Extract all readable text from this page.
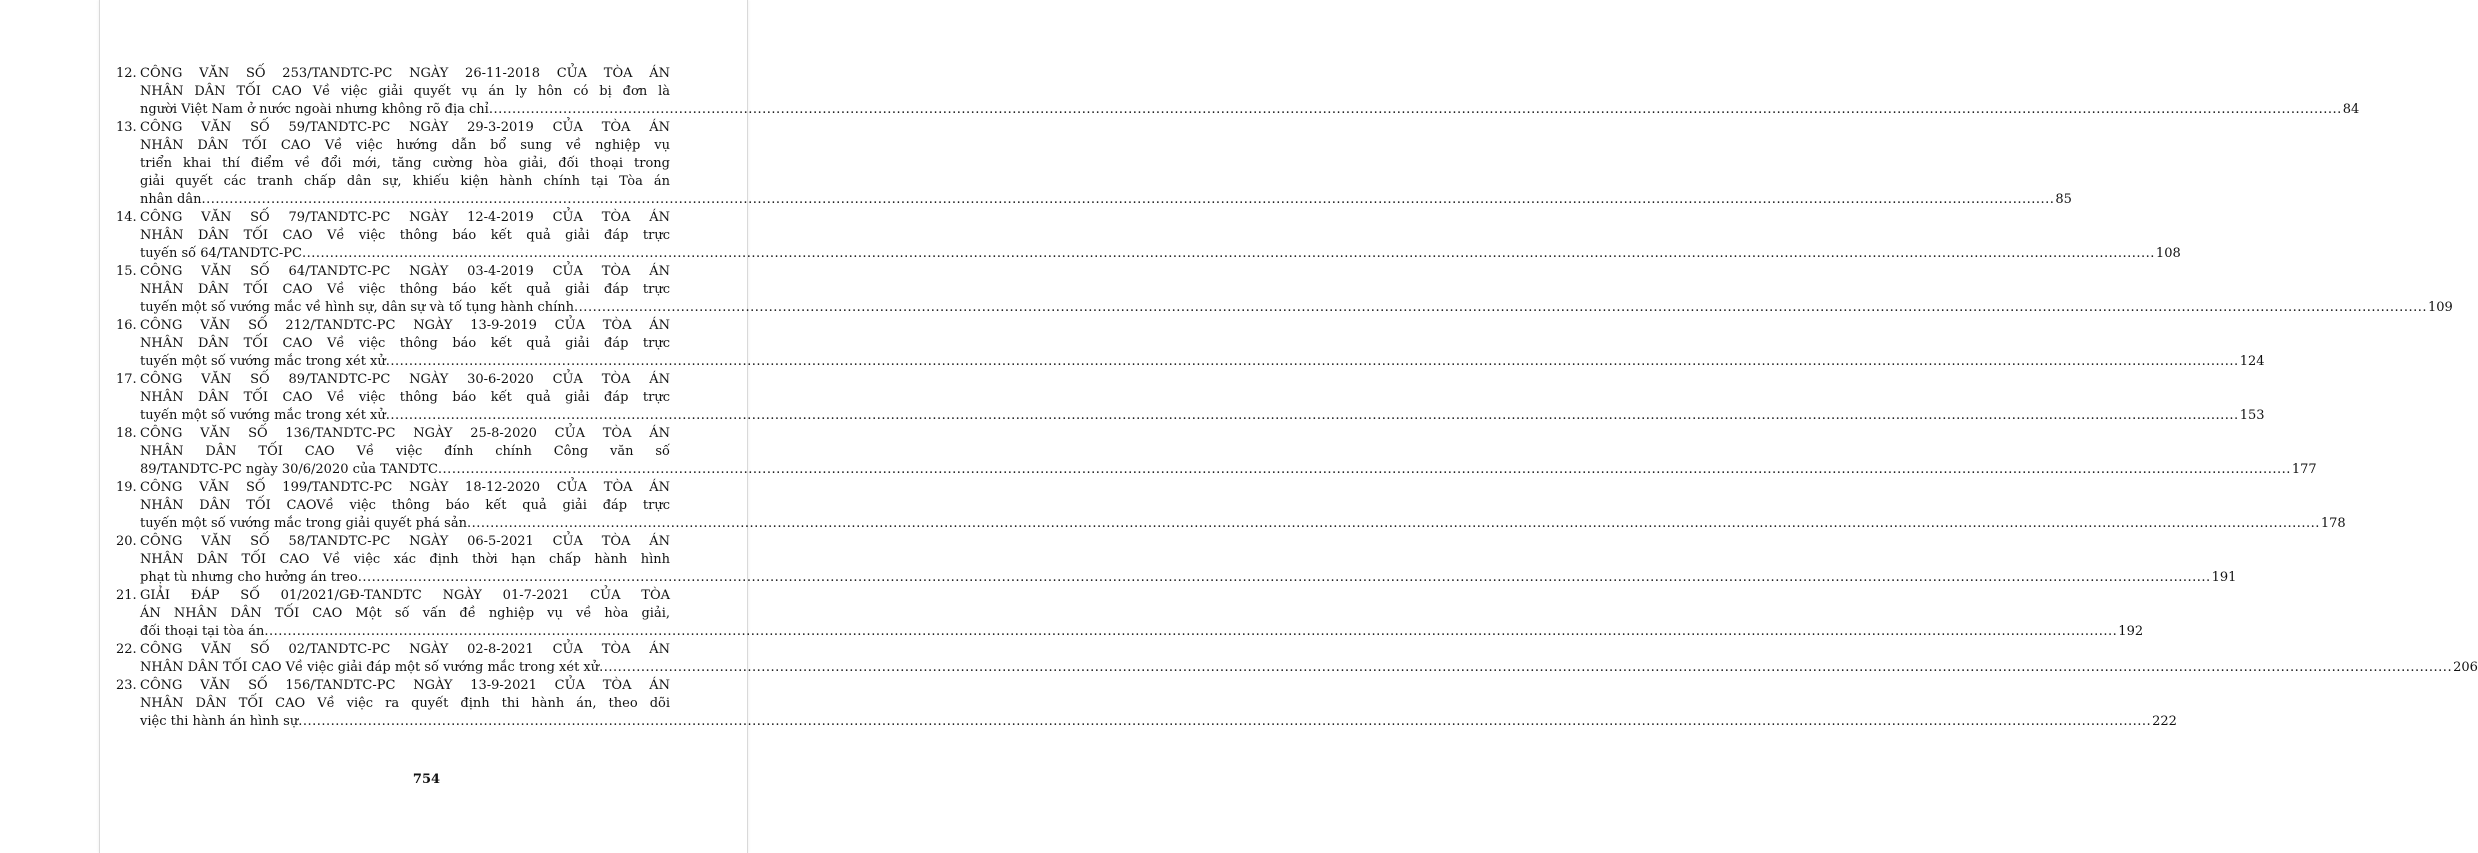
12. CÔNG VĂN SỐ 253/TANDTC-PC NGÀY 26-11-2018 CỦA TÒA ÁN
NHÂN DÂN TỐI CAO Về việc giải quyết vụ án ly hôn có bị đơn là
người Việt Nam ở nước ngoài nhưng không rõ địa chỉ ................................................................................................................................................................................................................................................................................................................................................................................................................ 84
13. CÔNG VĂN SỐ 59/TANDTC-PC NGÀY 29-3-2019 CỦA TÒA ÁN
NHÂN DÂN TỐI CAO Về việc hướng dẫn bổ sung về nghiệp vụ
triển khai thí điểm về đổi mới, tăng cường hòa giải, đối thoại trong
giải quyết các tranh chấp dân sự, khiếu kiện hành chính tại Tòa án
nhân dân ................................................................................................................................................................................................................................................................................................................................................................................................................ 85
14. CÔNG VĂN SỐ 79/TANDTC-PC NGÀY 12-4-2019 CỦA TÒA ÁN
NHÂN DÂN TỐI CAO Về việc thông báo kết quả giải đáp trực
tuyến số 64/TANDTC-PC ................................................................................................................................................................................................................................................................................................................................................................................................................ 108
15. CÔNG VĂN SỐ 64/TANDTC-PC NGÀY 03-4-2019 CỦA TÒA ÁN
NHÂN DÂN TỐI CAO Về việc thông báo kết quả giải đáp trực
tuyến một số vướng mắc về hình sự, dân sự và tố tụng hành chính ................................................................................................................................................................................................................................................................................................................................................................................................................ 109
16. CÔNG VĂN SỐ 212/TANDTC-PC NGÀY 13-9-2019 CỦA TÒA ÁN
NHÂN DÂN TỐI CAO Về việc thông báo kết quả giải đáp trực
tuyến một số vướng mắc trong xét xử ................................................................................................................................................................................................................................................................................................................................................................................................................ 124
17. CÔNG VĂN SỐ 89/TANDTC-PC NGÀY 30-6-2020 CỦA TÒA ÁN
NHÂN DÂN TỐI CAO Về việc thông báo kết quả giải đáp trực
tuyến một số vướng mắc trong xét xử ................................................................................................................................................................................................................................................................................................................................................................................................................ 153
18. CÔNG VĂN SỐ 136/TANDTC-PC NGÀY 25-8-2020 CỦA TÒA ÁN
NHÂN DÂN TỐI CAO Về việc đính chính Công văn số
89/TANDTC-PC ngày 30/6/2020 của TANDTC ................................................................................................................................................................................................................................................................................................................................................................................................................ 177
19. CÔNG VĂN SỐ 199/TANDTC-PC NGÀY 18-12-2020 CỦA TÒA ÁN
NHÂN DÂN TỐI CAOVề việc thông báo kết quả giải đáp trực
tuyến một số vướng mắc trong giải quyết phá sản ................................................................................................................................................................................................................................................................................................................................................................................................................ 178
20. CÔNG VĂN SỐ 58/TANDTC-PC NGÀY 06-5-2021 CỦA TÒA ÁN
NHÂN DÂN TỐI CAO Về việc xác định thời hạn chấp hành hình
phạt tù nhưng cho hưởng án treo ................................................................................................................................................................................................................................................................................................................................................................................................................ 191
21. GIẢI ĐÁP SỐ 01/2021/GĐ-TANDTC NGÀY 01-7-2021 CỦA TÒA
ÁN NHÂN DÂN TỐI CAO Một số vấn đề nghiệp vụ về hòa giải,
đối thoại tại tòa án ................................................................................................................................................................................................................................................................................................................................................................................................................ 192
22. CÔNG VĂN SỐ 02/TANDTC-PC NGÀY 02-8-2021 CỦA TÒA ÁN
NHÂN DÂN TỐI CAO Về việc giải đáp một số vướng mắc trong xét xử ................................................................................................................................................................................................................................................................................................................................................................................................................ 206
23. CÔNG VĂN SỐ 156/TANDTC-PC NGÀY 13-9-2021 CỦA TÒA ÁN
NHÂN DÂN TỐI CAO Về việc ra quyết định thi hành án, theo dõi
việc thi hành án hình sự ................................................................................................................................................................................................................................................................................................................................................................................................................ 222
754
